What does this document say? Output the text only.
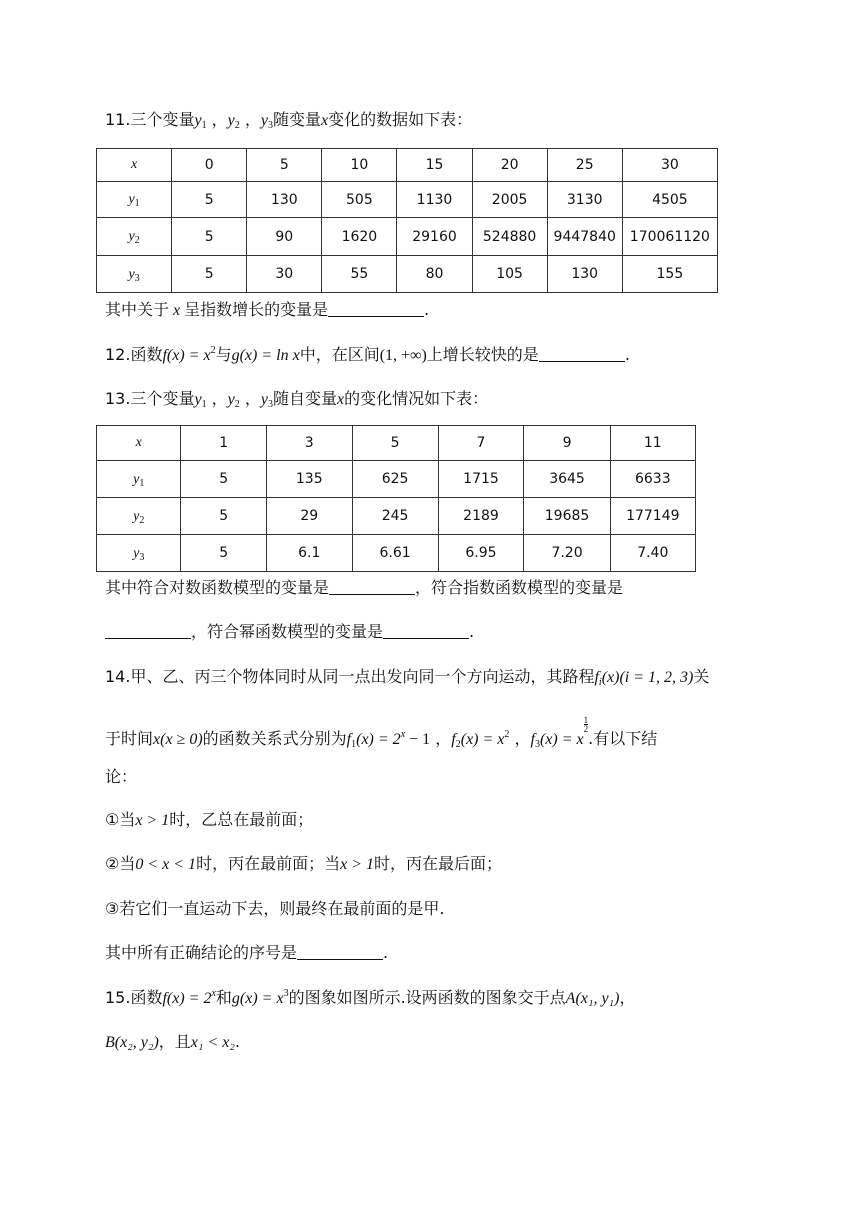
11.三个变量$y_1$ ，$y_2$ ，$y_3$随变量x变化的数据如下表：
x	0	5	10	15	20	25	30
$y_1$	5	130	505	1130	2005	3130	4505
$y_2$	5	90	1620	29160	524880	9447840	170061120
$y_3$	5	30	55	80	105	130	155
其中关于 x 呈指数增长的变量是	.
12.函数$f(x) = x^2$与g(x) = ln x中，在区间(1, +∞)上增长较快的是	.
13.三个变量$y_1$ ，$y_2$ ，$y_3$随自变量x的变化情况如下表：
x	1	3	5	7	9	11
$y_1$	5	135	625	1715	3645	6633
$y_2$	5	29	245	2189	19685	177149
$y_3$	5	6.1	6.61	6.95	7.20	7.40
其中符合对数函数模型的变量是	，符合指数函数模型的变量是
，符合幂函数模型的变量是	.
14.甲、乙、丙三个物体同时从同一点出发向同一个方向运动，其路程$f_i(x)(i = 1$, 2, 3)关
于时间x(x ≥ 0)的函数关系式分别为$f_1(x) = 2^x - 1$ ，$f_2(x) = x^2$ ，$f_3(x) = x$
$\frac{1}{2}$
.有以下结
论：
①当x > 1时，乙总在最前面；
②当0 < x < 1时，丙在最前面；当x > 1时，丙在最后面；
③若它们一直运动下去，则最终在最前面的是甲.
其中所有正确结论的序号是	.
15.函数$f(x) = 2^x$和$g(x) = x^3$的图象如图所示.设两函数的图象交于点A(x₁, y₁)，
B(x₂, y₂)，且x₁ < x₂.
